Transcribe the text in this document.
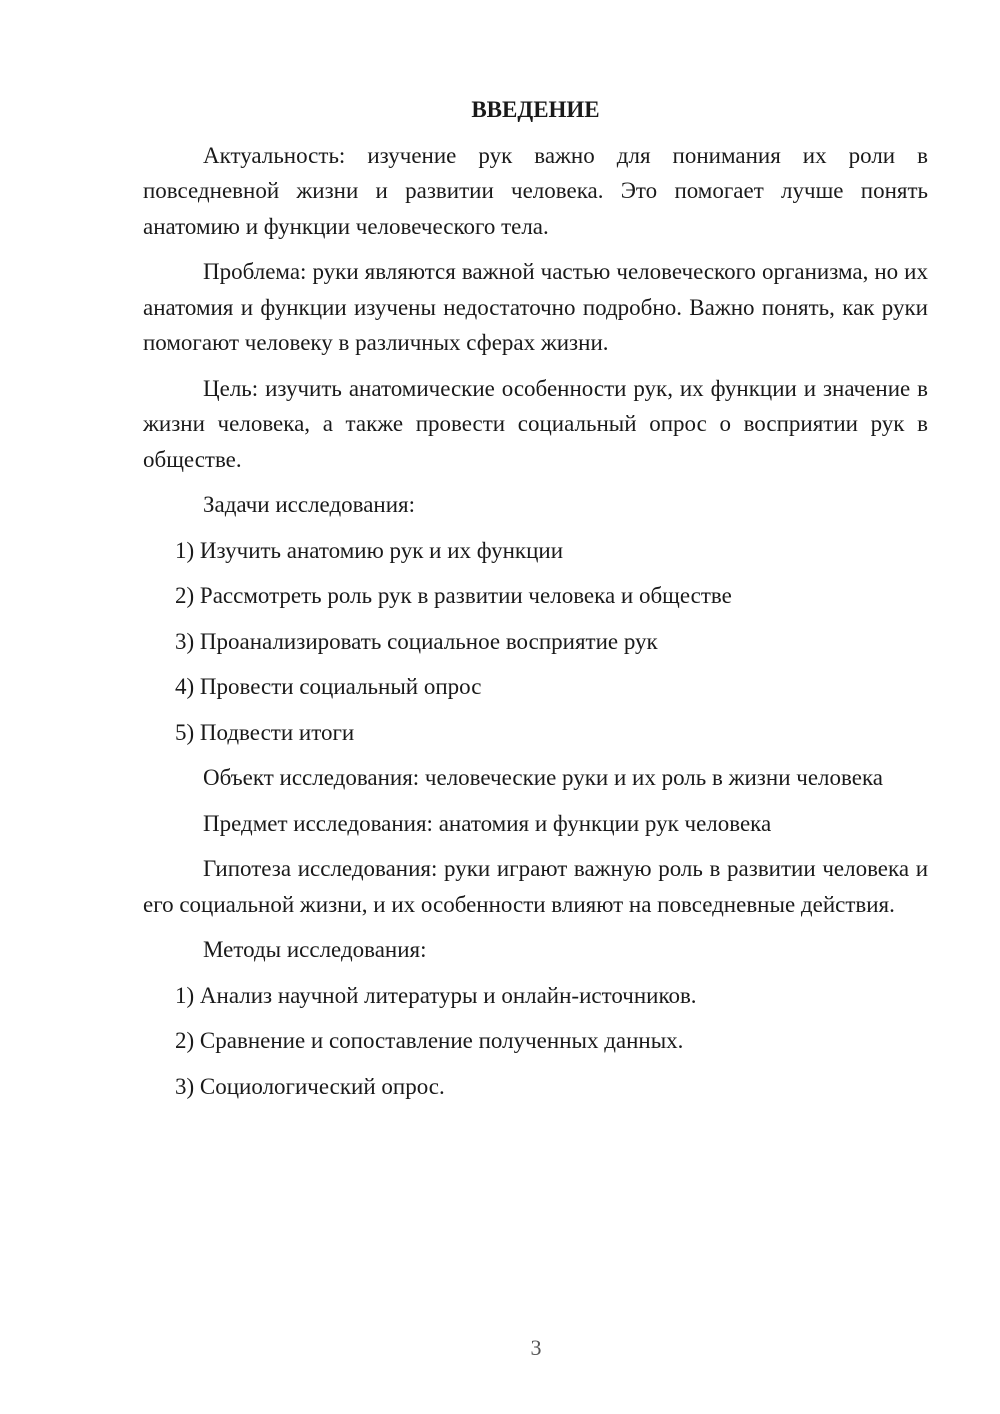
ВВЕДЕНИЕ
Актуальность: изучение рук важно для понимания их роли в повседневной жизни и развитии человека. Это помогает лучше понять анатомию и функции человеческого тела.
Проблема: руки являются важной частью человеческого организма, но их анатомия и функции изучены недостаточно подробно. Важно понять, как руки помогают человеку в различных сферах жизни.
Цель: изучить анатомические особенности рук, их функции и значение в жизни человека, а также провести социальный опрос о восприятии рук в обществе.
Задачи исследования:
1) Изучить анатомию рук и их функции
2) Рассмотреть роль рук в развитии человека и обществе
3) Проанализировать социальное восприятие рук
4) Провести социальный опрос
5) Подвести итоги
Объект исследования: человеческие руки и их роль в жизни человека
Предмет исследования: анатомия и функции рук человека
Гипотеза исследования: руки играют важную роль в развитии человека и его социальной жизни, и их особенности влияют на повседневные действия.
Методы исследования:
1) Анализ научной литературы и онлайн-источников.
2) Сравнение и сопоставление полученных данных.
3) Социологический опрос.
3
